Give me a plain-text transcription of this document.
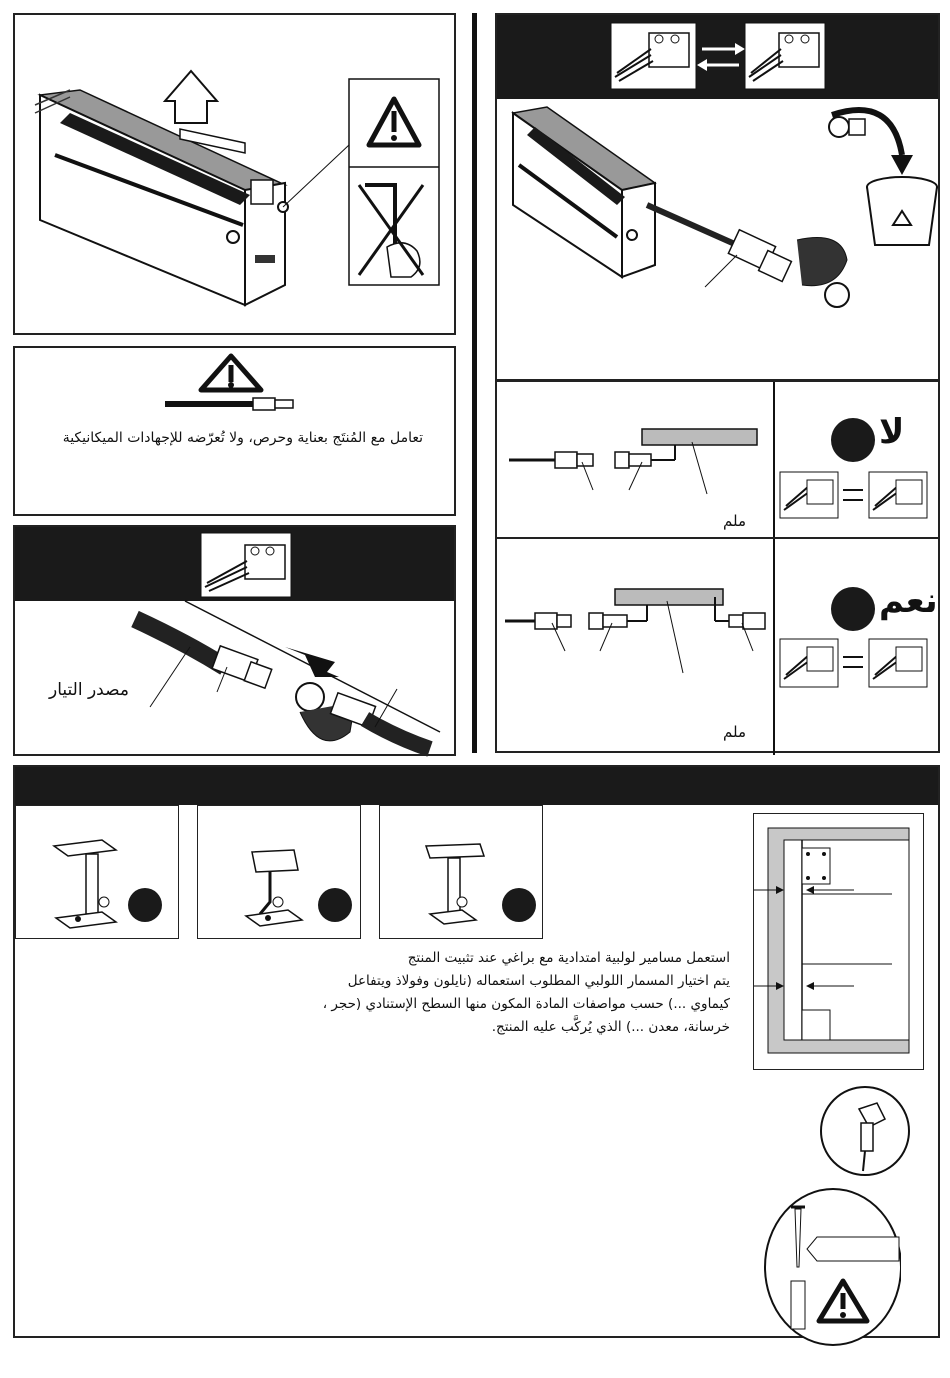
تعامل مع المُنتَج بعناية وحرص، ولا تُعرّضه للإجهادات الميكانيكية
مصدر التيار
لا
ملم
نعم
ملم
استعمل مسامير لولبية امتدادية مع براغي عند تثبيت المنتج
يتم اختيار المسمار اللولبي المطلوب استعماله (نايلون وفولاذ ويتفاعل
كيماوي ...) حسب مواصفات المادة المكون منها السطح الإستنادي (حجر ،
خرسانة، معدن ...) الذي يُركَّب عليه المنتج.
